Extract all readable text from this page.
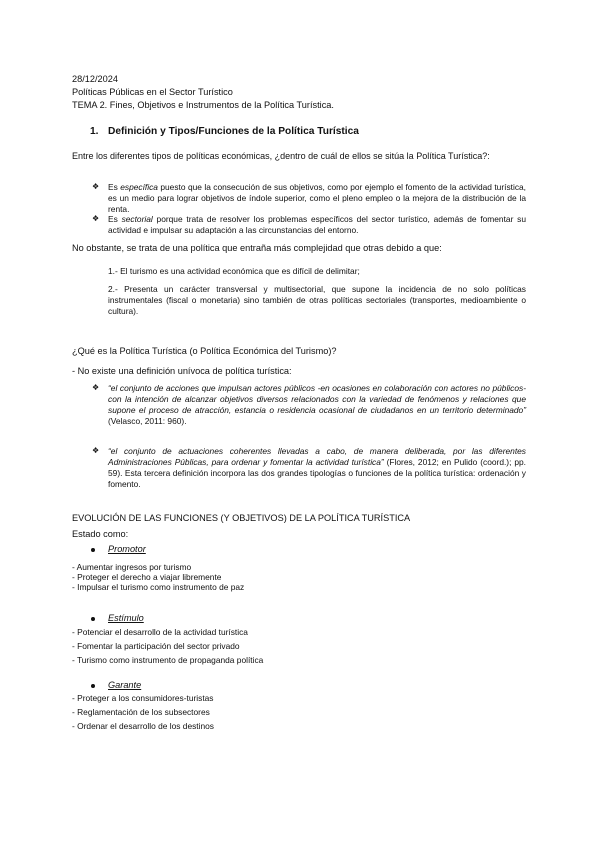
28/12/2024
Políticas Públicas en el Sector Turístico
TEMA 2. Fines, Objetivos e Instrumentos de la Política Turística.
1. Definición y Tipos/Funciones de la Política Turística
Entre los diferentes tipos de políticas económicas, ¿dentro de cuál de ellos se sitúa la Política Turística?:
❖ Es específica puesto que la consecución de sus objetivos, como por ejemplo el fomento de la actividad turística, es un medio para lograr objetivos de índole superior, como el pleno empleo o la mejora de la distribución de la renta.
❖ Es sectorial porque trata de resolver los problemas específicos del sector turístico, además de fomentar su actividad e impulsar su adaptación a las circunstancias del entorno.
No obstante, se trata de una política que entraña más complejidad que otras debido a que:
1.- El turismo es una actividad económica que es difícil de delimitar;
2.- Presenta un carácter transversal y multisectorial, que supone la incidencia de no solo políticas instrumentales (fiscal o monetaria) sino también de otras políticas sectoriales (transportes, medioambiente o cultura).
¿Qué es la Política Turística (o Política Económica del Turismo)?
- No existe una definición unívoca de política turística:
❖ “el conjunto de acciones que impulsan actores públicos -en ocasiones en colaboración con actores no públicos- con la intención de alcanzar objetivos diversos relacionados con la variedad de fenómenos y relaciones que supone el proceso de atracción, estancia o residencia ocasional de ciudadanos en un territorio determinado” (Velasco, 2011: 960).
❖ “el conjunto de actuaciones coherentes llevadas a cabo, de manera deliberada, por las diferentes Administraciones Públicas, para ordenar y fomentar la actividad turística” (Flores, 2012; en Pulido (coord.); pp. 59). Esta tercera definición incorpora las dos grandes tipologías o funciones de la política turística: ordenación y fomento.
EVOLUCIÓN DE LAS FUNCIONES (Y OBJETIVOS) DE LA POLÍTICA TURÍSTICA
Estado como:
Promotor
- Aumentar ingresos por turismo
- Proteger el derecho a viajar libremente
- Impulsar el turismo como instrumento de paz
Estímulo
- Potenciar el desarrollo de la actividad turística
- Fomentar la participación del sector privado
- Turismo como instrumento de propaganda política
Garante
- Proteger a los consumidores-turistas
- Reglamentación de los subsectores
- Ordenar el desarrollo de los destinos
